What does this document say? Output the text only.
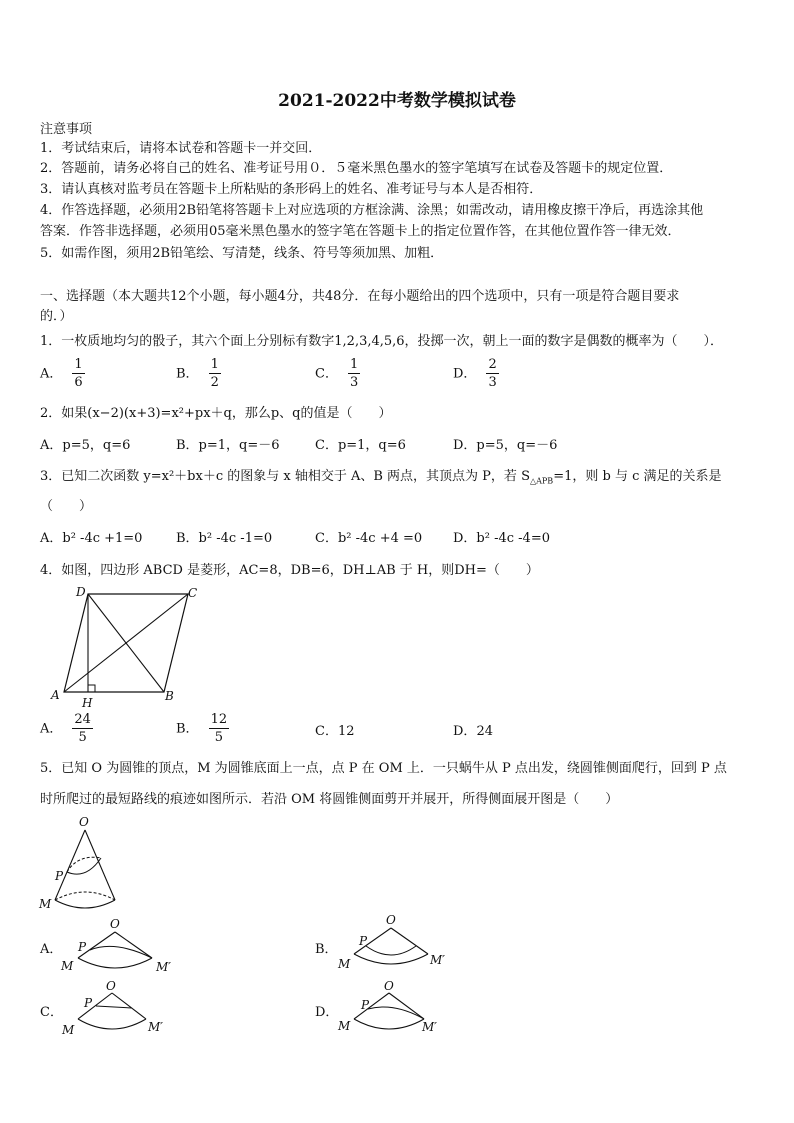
2021-2022中考数学模拟试卷
注意事项
1．考试结束后，请将本试卷和答题卡一并交回．
2．答题前，请务必将自己的姓名、准考证号用０．５毫米黑色墨水的签字笔填写在试卷及答题卡的规定位置．
3．请认真核对监考员在答题卡上所粘贴的条形码上的姓名、准考证号与本人是否相符．
4．作答选择题，必须用2B铅笔将答题卡上对应选项的方框涂满、涂黑；如需改动，请用橡皮擦干净后，再选涂其他
答案．作答非选择题，必须用05毫米黑色墨水的签字笔在答题卡上的指定位置作答，在其他位置作答一律无效．
5．如需作图，须用2B铅笔绘、写清楚，线条、符号等须加黑、加粗．
一、选择题（本大题共12个小题，每小题4分，共48分．在每小题给出的四个选项中，只有一项是符合题目要求
的．）
1．一枚质地均匀的骰子，其六个面上分别标有数字1,2,3,4,5,6，投掷一次，朝上一面的数字是偶数的概率为（　　）．
A． $\frac{1}{6}$	B． $\frac{1}{2}$	C． $\frac{1}{3}$	D． $\frac{2}{3}$
2．如果(x−2)(x+3)=x²+px＋q，那么p、q的值是（　　）
A．p=5，q=6	B．p=1，q=－6	C．p=1，q=6	D．p=5，q=－6
3．已知二次函数 y=x²＋bx＋c 的图象与 x 轴相交于 A、B 两点，其顶点为 P，若 $S_{\triangle APB}=1$，则 b 与 c 满足的关系是
（　　）
A．b² -4c +1=0	B．b² -4c -1=0	C．b² -4c +4 =0 D．b² -4c -4=0
4．如图，四边形 ABCD 是菱形，AC=8，DB=6，DH⊥AB 于 H，则DH=（　　）
D	C
A	B
H
A． $\frac{24}{5}$	B． $\frac{12}{5}$	C．12	D．24
5．已知 O 为圆锥的顶点，M 为圆锥底面上一点，点 P 在 OM 上．一只蜗牛从 P 点出发，绕圆锥侧面爬行，回到 P 点
时所爬过的最短路线的痕迹如图所示．若沿 OM 将圆锥侧面剪开并展开，所得侧面展开图是（　　）
O
P
M
A．
O
P
M	M′
B．
O
P
M	M′
C．
O
P
M	M′
D．
O
P
M	M′
